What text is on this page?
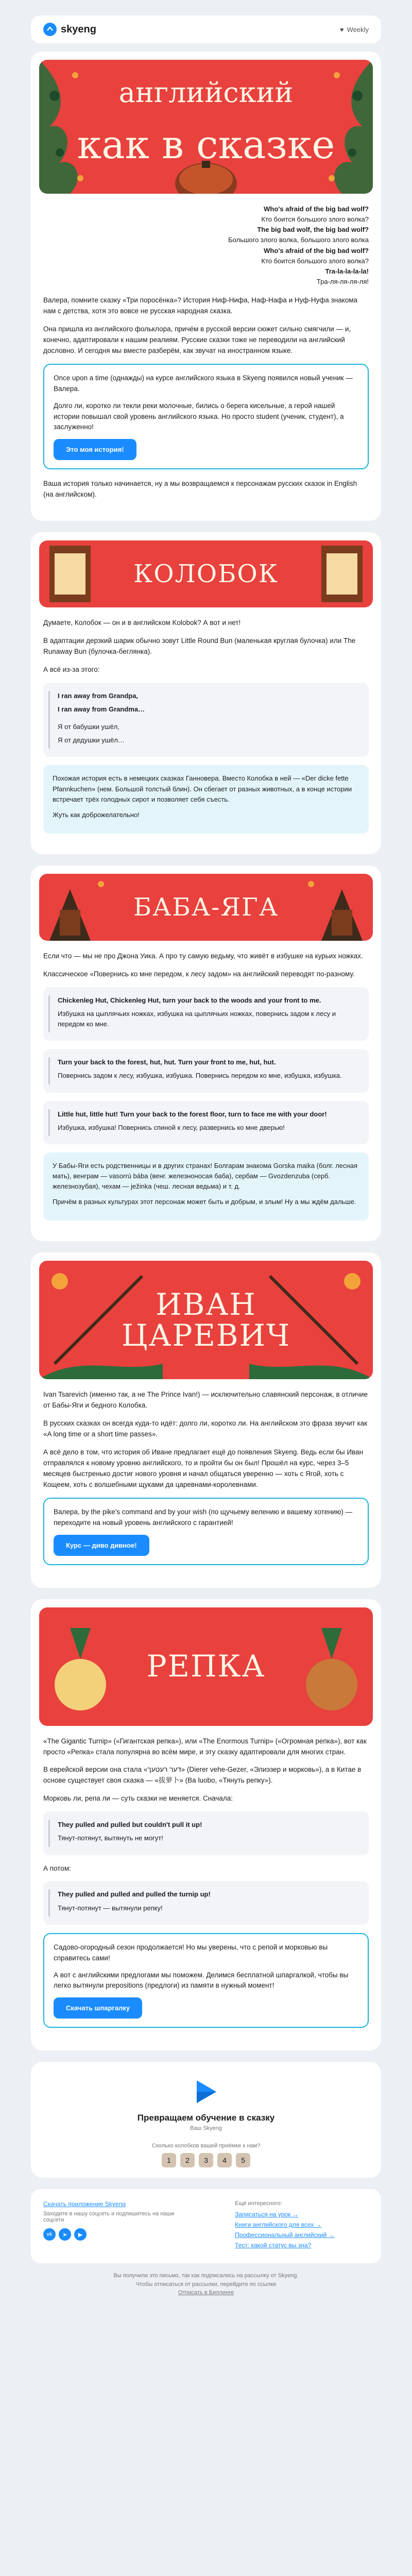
skyeng	♥ Weekly
английский
как в сказке
Who's afraid of the big bad wolf?
Кто боится большого злого волка?
The big bad wolf, the big bad wolf?
Большого злого волка, большого злого волка
Who's afraid of the big bad wolf?
Кто боится большого злого волка?
Tra-la-la-la-la!
Тра-ля-ля-ля-ля!

Валера, помните сказку «Три поросёнка»? История Ниф-Нифа, Наф-Нафа и Нуф-Нуфа знакома нам с детства, хотя это вовсе не русская народная сказка.

Она пришла из английского фольклора, причём в русской версии сюжет сильно смягчили — и, конечно, адаптировали к нашим реалиям. Русские сказки тоже не переводили на английский дословно. И сегодня мы вместе разберём, как звучат на иностранном языке.

Once upon a time (однажды) на курсе английского языка в Skyeng появился новый ученик — Валера.

Долго ли, коротко ли текли реки молочные, бились о берега кисельные, а герой нашей истории повышал свой уровень английского языка. Но просто student (ученик, студент), а заслуженно!

Это моя история!

Ваша история только начинается, ну а мы возвращаемся к персонажам русских сказок in English (на английском).

КОЛОБОК

Думаете, Колобок — он и в английском Kolobok? А вот и нет!

В адаптации дерзкий шарик обычно зовут Little Round Bun (маленькая круглая булочка) или The Runaway Bun (булочка-беглянка).

А всё из-за этого:

I ran away from Grandpa,

I ran away from Grandma…

Я от бабушки ушёл,

Я от дедушки ушёл…

Похожая история есть в немецких сказках Ганновера. Вместо Колобка в ней — «Der dicke fette Pfannkuchen» (нем. Большой толстый блин). Он сбегает от разных животных, а в конце истории встречает трёх голодных сирот и позволяет себя съесть.

Жуть как доброжелательно!

БАБА-ЯГА

Если что — мы не про Джона Уика. А про ту самую ведьму, что живёт в избушке на курьих ножках.

Классическое «Повернись ко мне передом, к лесу задом» на английский переводят по-разному.

Chickenleg Hut, Chickenleg Hut, turn your back to the woods and your front to me.

Избушка на цыплячьих ножках, избушка на цыплячьих ножках, повернись задом к лесу и передом ко мне.

Turn your back to the forest, hut, hut. Turn your front to me, hut, hut.

Повернись задом к лесу, избушка, избушка. Повернись передом ко мне, избушка, избушка.

Little hut, little hut! Turn your back to the forest floor, turn to face me with your door!

Избушка, избушка! Повернись спиной к лесу, развернись ко мне дверью!

У Бабы-Яги есть родственницы и в других странах! Болгарам знакома Gorska maika (болг. лесная мать), венграм — vasorrú bába (венг. железноносая баба), сербам — Gvozdenzuba (серб. железнозубая), чехам — ježinka (чеш. лесная ведьма) и т. д.

Причём в разных культурах этот персонаж может быть и добрым, и злым! Ну а мы ждём дальше.

ИВАН ЦАРЕВИЧ

Ivan Tsarevich (именно так, а не The Prince Ivan!) — исключительно славянский персонаж, в отличие от Бабы-Яги и бедного Колобка.

В русских сказках он всегда куда-то идёт: долго ли, коротко ли. На английском это фраза звучит как «A long time or a short time passes».

А всё дело в том, что история об Иване предлагает ещё до появления Skyeng. Ведь если бы Иван отправлялся к новому уровню английского, то и пройти бы он был! Прошёл на курс, через 3–5 месяцев быстренько достиг нового уровня и начал общаться уверенно — хоть с Ягой, хоть с Кощеем, хоть с волшебными щуками да царевнами-королевнами.

Валера, by the pike's command and by your wish (по щучьему велению и вашему хотению) — переходите на новый уровень английского с гарантией!

Курс — диво дивное!
РЕПКА

«The Gigantic Turnip» («Гигантская репка»), или «The Enormous Turnip» («Огромная репка»), вот как просто «Репка» стала популярна во всём мире, и эту сказку адаптировали для многих стран.

В еврейской версии она стала «דער רעטעך» (Dierer vehe-Gezer, «Элиэзер и морковь»), а в Китае в основе существует своя сказка — «拔萝卜» (Ba luobo, «Тянуть репку»).

Морковь ли, репа ли — суть сказки не меняется. Сначала:

They pulled and pulled but couldn't pull it up!

Тянут-потянут, вытянуть не могут!

А потом:

They pulled and pulled and pulled the turnip up!

Тянут-потянут — вытянули репку!

Садово-огородный сезон продолжается! Но мы уверены, что с репой и морковью вы справитесь сами!

А вот с английскими предлогами мы поможем. Делимся бесплатной шпаргалкой, чтобы вы легко вытянули prepositions (предлоги) из памяти в нужный момент!

Скачать шпаргалку
Превращаем обучение в сказку
Ваш Skyeng
Сколько колобков вашей приёмке к нам?
1	2	3	4	5
Скачать приложение Skyeng
Заходите в нашу соцсеть и подпишитесь на наши соцсети
vk	➤	▶
Ещё интересного:
Записаться на урок →
Книги английского для всех →
Профессиональный английский →
Тест: какой статус вы зна?
Вы получили это письмо, так как подписались на рассылку от Skyeng.
Чтобы отписаться от рассылки, перейдите по ссылке
Отписать в Биллинге
